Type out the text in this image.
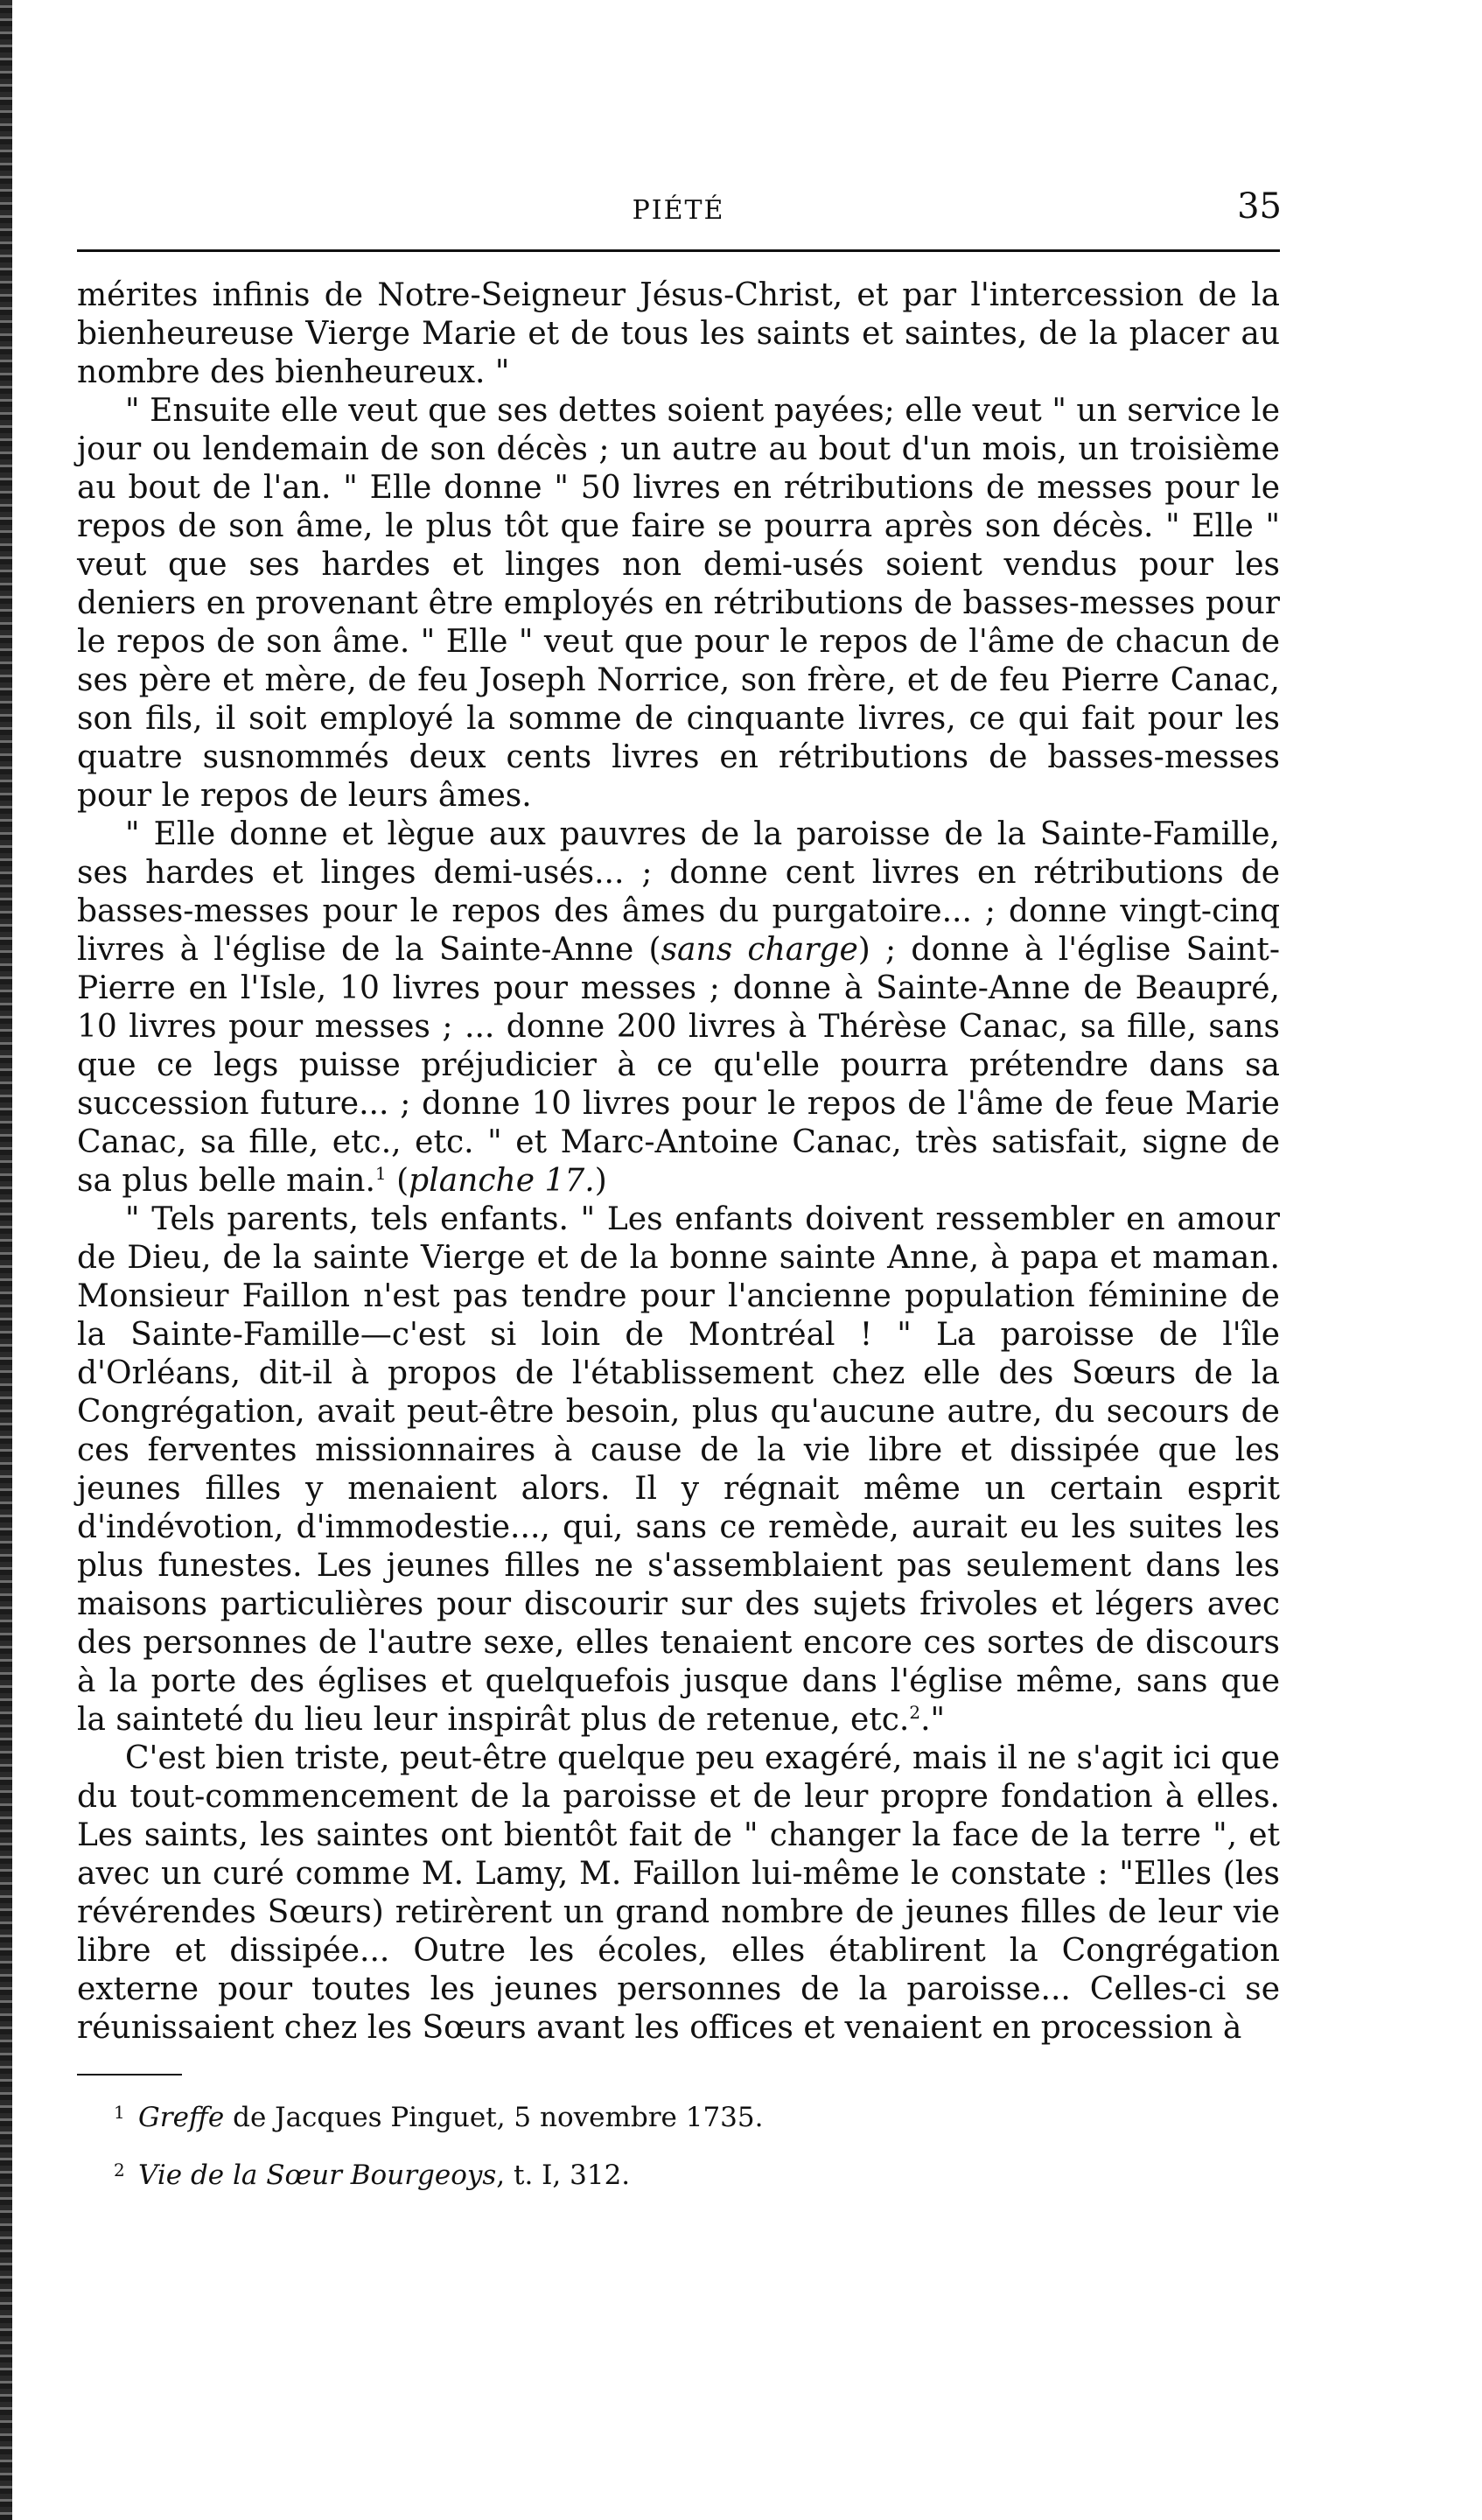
PIÉTÉ	35

mérites infinis de Notre-Seigneur Jésus-Christ, et par l'intercession de la bienheureuse Vierge Marie et de tous les saints et saintes, de la placer au nombre des bienheureux. "

" Ensuite elle veut que ses dettes soient payées; elle veut " un service le jour ou lendemain de son décès ; un autre au bout d'un mois, un troisième au bout de l'an. " Elle donne " 50 livres en rétributions de messes pour le repos de son âme, le plus tôt que faire se pourra après son décès. " Elle " veut que ses hardes et linges non demi-usés soient vendus pour les deniers en provenant être employés en rétributions de basses-messes pour le repos de son âme. " Elle " veut que pour le repos de l'âme de chacun de ses père et mère, de feu Joseph Norrice, son frère, et de feu Pierre Canac, son fils, il soit employé la somme de cinquante livres, ce qui fait pour les quatre susnommés deux cents livres en rétributions de basses-messes pour le repos de leurs âmes.

" Elle donne et lègue aux pauvres de la paroisse de la Sainte-Famille, ses hardes et linges demi-usés... ; donne cent livres en rétributions de basses-messes pour le repos des âmes du purgatoire... ; donne vingt-cinq livres à l'église de la Sainte-Anne (sans charge) ; donne à l'église Saint-Pierre en l'Isle, 10 livres pour messes ; donne à Sainte-Anne de Beaupré, 10 livres pour messes ; ... donne 200 livres à Thérèse Canac, sa fille, sans que ce legs puisse préjudicier à ce qu'elle pourra prétendre dans sa succession future... ; donne 10 livres pour le repos de l'âme de feue Marie Canac, sa fille, etc., etc. " et Marc-Antoine Canac, très satisfait, signe de sa plus belle main.$^1$ (planche 17.)

" Tels parents, tels enfants. " Les enfants doivent ressembler en amour de Dieu, de la sainte Vierge et de la bonne sainte Anne, à papa et maman. Monsieur Faillon n'est pas tendre pour l'ancienne population féminine de la Sainte-Famille—c'est si loin de Montréal ! " La paroisse de l'île d'Orléans, dit-il à propos de l'établissement chez elle des Sœurs de la Congrégation, avait peut-être besoin, plus qu'aucune autre, du secours de ces ferventes missionnaires à cause de la vie libre et dissipée que les jeunes filles y menaient alors. Il y régnait même un certain esprit d'indévotion, d'immodestie..., qui, sans ce remède, aurait eu les suites les plus funestes. Les jeunes filles ne s'assemblaient pas seulement dans les maisons particulières pour discourir sur des sujets frivoles et légers avec des personnes de l'autre sexe, elles tenaient encore ces sortes de discours à la porte des églises et quelquefois jusque dans l'église même, sans que la sainteté du lieu leur inspirât plus de retenue, etc.$^2$."

C'est bien triste, peut-être quelque peu exagéré, mais il ne s'agit ici que du tout-commencement de la paroisse et de leur propre fondation à elles. Les saints, les saintes ont bientôt fait de " changer la face de la terre ", et avec un curé comme M. Lamy, M. Faillon lui-même le constate : "Elles (les révérendes Sœurs) retirèrent un grand nombre de jeunes filles de leur vie libre et dissipée... Outre les écoles, elles établirent la Congrégation externe pour toutes les jeunes personnes de la paroisse... Celles-ci se réunissaient chez les Sœurs avant les offices et venaient en procession à

1 Greffe de Jacques Pinguet, 5 novembre 1735.

2 Vie de la Sœur Bourgeoys, t. I, 312.
